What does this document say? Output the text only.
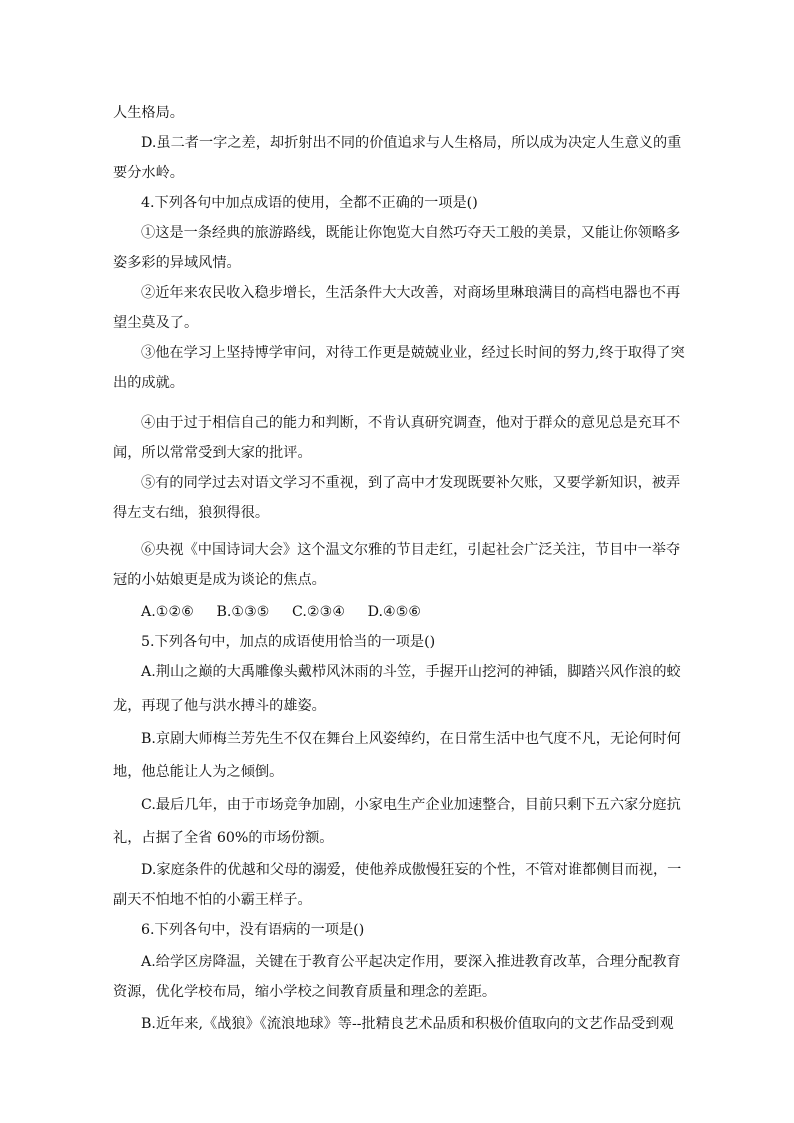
人生格局。
D.虽二者一字之差，却折射出不同的价值追求与人生格局，所以成为决定人生意义的重
要分水岭。
4.下列各句中加点成语的使用，全都不正确的一项是()
①这是一条经典的旅游路线，既能让你饱览大自然巧夺天工般的美景，又能让你领略多
姿多彩的异域风情。
②近年来农民收入稳步增长，生活条件大大改善，对商场里琳琅满目的高档电器也不再
望尘莫及了。
③他在学习上坚持博学审问，对待工作更是兢兢业业，经过长时间的努力,终于取得了突
出的成就。
④由于过于相信自己的能力和判断，不肯认真研究调查，他对于群众的意见总是充耳不
闻，所以常常受到大家的批评。
⑤有的同学过去对语文学习不重视，到了高中才发现既要补欠账，又要学新知识，被弄
得左支右绌，狼狈得很。
⑥央视《中国诗词大会》这个温文尔雅的节目走红，引起社会广泛关注，节目中一举夺
冠的小姑娘更是成为谈论的焦点。
A.①②⑥ B.①③⑤ C.②③④ D.④⑤⑥
5.下列各句中，加点的成语使用恰当的一项是()
A.荆山之巅的大禹雕像头戴栉风沐雨的斗笠，手握开山挖河的神锸，脚踏兴风作浪的蛟
龙，再现了他与洪水搏斗的雄姿。
B.京剧大师梅兰芳先生不仅在舞台上风姿绰约，在日常生活中也气度不凡，无论何时何
地，他总能让人为之倾倒。
C.最后几年，由于市场竞争加剧，小家电生产企业加速整合，目前只剩下五六家分庭抗
礼，占据了全省 60%的市场份额。
D.家庭条件的优越和父母的溺爱，使他养成傲慢狂妄的个性，不管对谁都侧目而视，一
副天不怕地不怕的小霸王样子。
6.下列各句中，没有语病的一项是()
A.给学区房降温，关键在于教育公平起决定作用，要深入推进教育改革，合理分配教育
资源，优化学校布局，缩小学校之间教育质量和理念的差距。
B.近年来,《战狼》《流浪地球》等--批精良艺术品质和积极价值取向的文艺作品受到观
